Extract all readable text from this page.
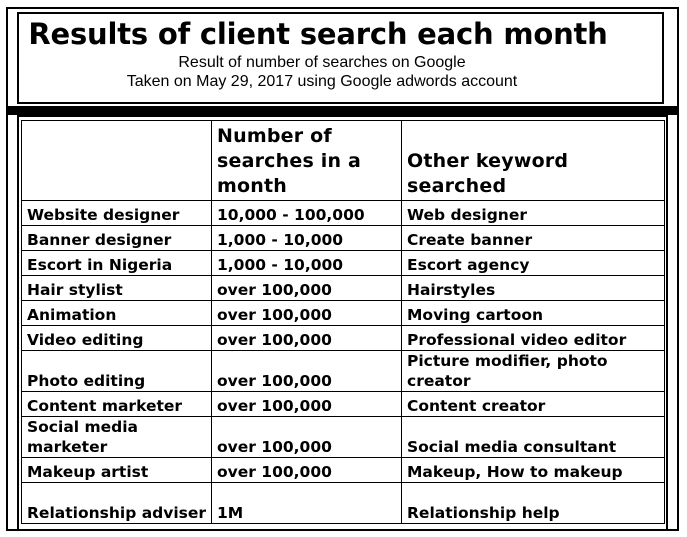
Results of client search each month
Result of number of searches on Google
Taken on May 29, 2017 using Google adwords account
	Number of searches in a month	Other keyword searched
Website designer	10,000 - 100,000	Web designer
Banner designer	1,000 - 10,000	Create banner
Escort in Nigeria	1,000 - 10,000	Escort agency
Hair stylist	over 100,000	Hairstyles
Animation	over 100,000	Moving cartoon
Video editing	over 100,000	Professional video editor
Photo editing	over 100,000	Picture modifier, photo creator
Content marketer	over 100,000	Content creator
Social media marketer	over 100,000	Social media consultant
Makeup artist	over 100,000	Makeup, How to makeup
Relationship adviser	1M	Relationship help
